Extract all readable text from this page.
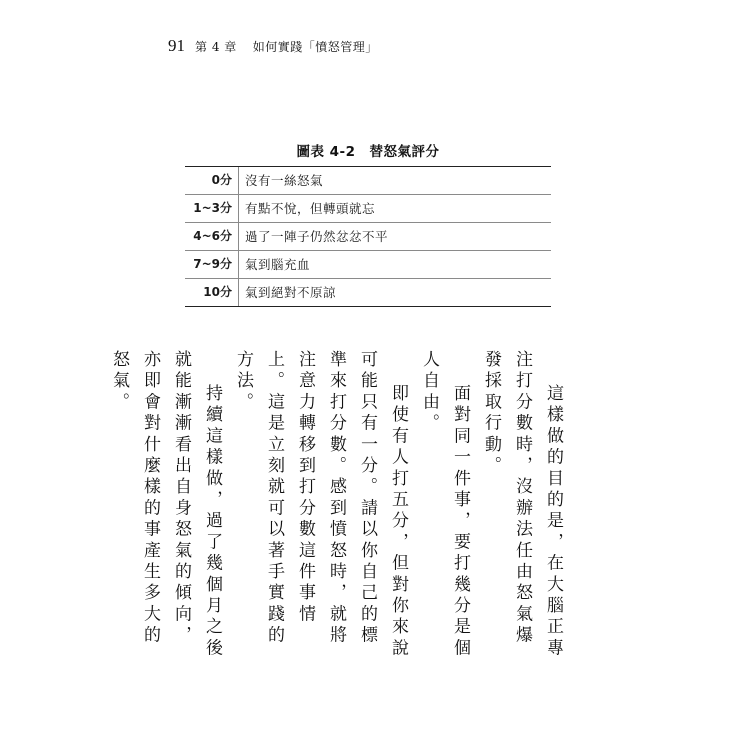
91 第 4 章 如何實踐「憤怒管理」
圖表 4-2　替怒氣評分
0分	沒有一絲怒氣
1~3分	有點不悅，但轉頭就忘
4~6分	過了一陣子仍然忿忿不平
7~9分	氣到腦充血
10分	氣到絕對不原諒

這樣做的目的是，在大腦正專注打分數時，沒辦法任由怒氣爆發採取行動。

面對同一件事，要打幾分是個人自由。

即使有人打五分，但對你來說可能只有一分。請以你自己的標準來打分數。感到憤怒時，就將注意力轉移到打分數這件事情上。這是立刻就可以著手實踐的方法。

持續這樣做，過了幾個月之後就能漸漸看出自身怒氣的傾向，亦即會對什麼樣的事產生多大的怒氣。
